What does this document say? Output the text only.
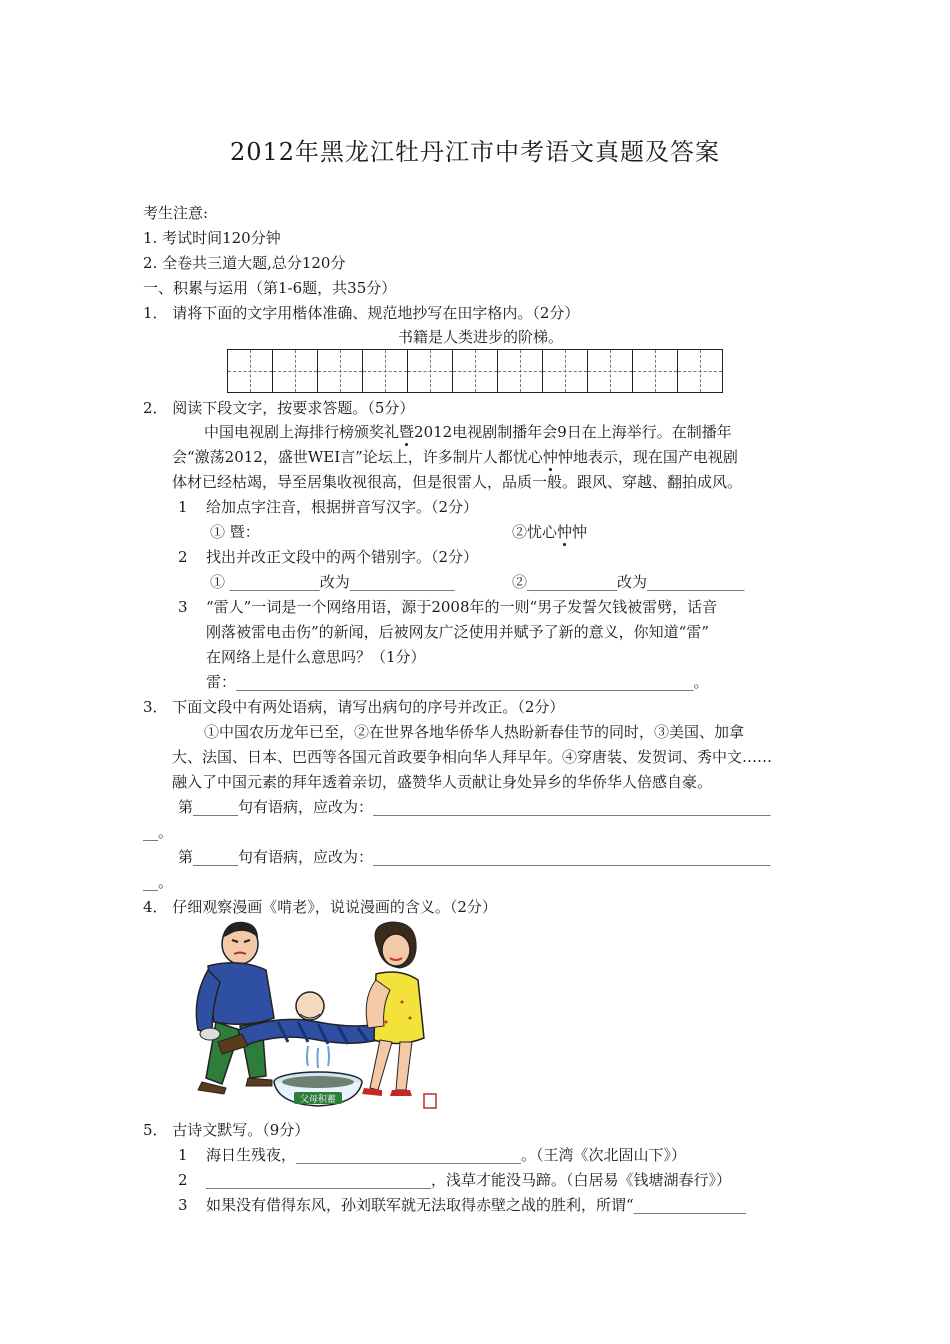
2012年黑龙江牡丹江市中考语文真题及答案
考生注意:
1. 考试时间120分钟
2. 全卷共三道大题,总分120分
一、积累与运用（第1-6题，共35分）
1． 请将下面的文字用楷体准确、规范地抄写在田字格内。（2分）
书籍是人类进步的阶梯。
2． 阅读下段文字，按要求答题。（5分）
中国电视剧上海排行榜颁奖礼暨2012电视剧制播年会9日在上海举行。在制播年
会“激荡2012，盛世WEI言”论坛上，许多制片人都忧心忡忡地表示，现在国产电视剧
体材已经枯竭，导至居集收视很高，但是很雷人，品质一般。跟风、穿越、翻拍成风。
1 给加点字注音，根据拼音写汉字。（2分）
① 暨：	②忧心忡忡
2 找出并改正文段中的两个错别字。（2分）
① ____________改为______________	②____________改为_____________
3 “雷人”一词是一个网络用语，源于2008年的一则“男子发誓欠钱被雷劈，话音
刚落被雷电击伤”的新闻，后被网友广泛使用并赋予了新的意义，你知道“雷”
在网络上是什么意思吗？（1分）
雷：_____________________________________________________________。
3． 下面文段中有两处语病，请写出病句的序号并改正。（2分）
①中国农历龙年已至，②在世界各地华侨华人热盼新春佳节的同时，③美国、加拿
大、法国、日本、巴西等各国元首政要争相向华人拜早年。④穿唐装、发贺词、秀中文……
融入了中国元素的拜年透着亲切，盛赞华人贡献让身处异乡的华侨华人倍感自豪。
第______句有语病，应改为：_____________________________________________________
__。
第______句有语病，应改为：_____________________________________________________
__。
4． 仔细观察漫画《啃老》，说说漫画的含义。（2分）
父母积蓄
5． 古诗文默写。（9分）
1 海日生残夜，______________________________。（王湾《次北固山下》）
2 ______________________________，浅草才能没马蹄。（白居易《钱塘湖春行》）
3 如果没有借得东风，孙刘联军就无法取得赤壁之战的胜利，所谓“_______________
